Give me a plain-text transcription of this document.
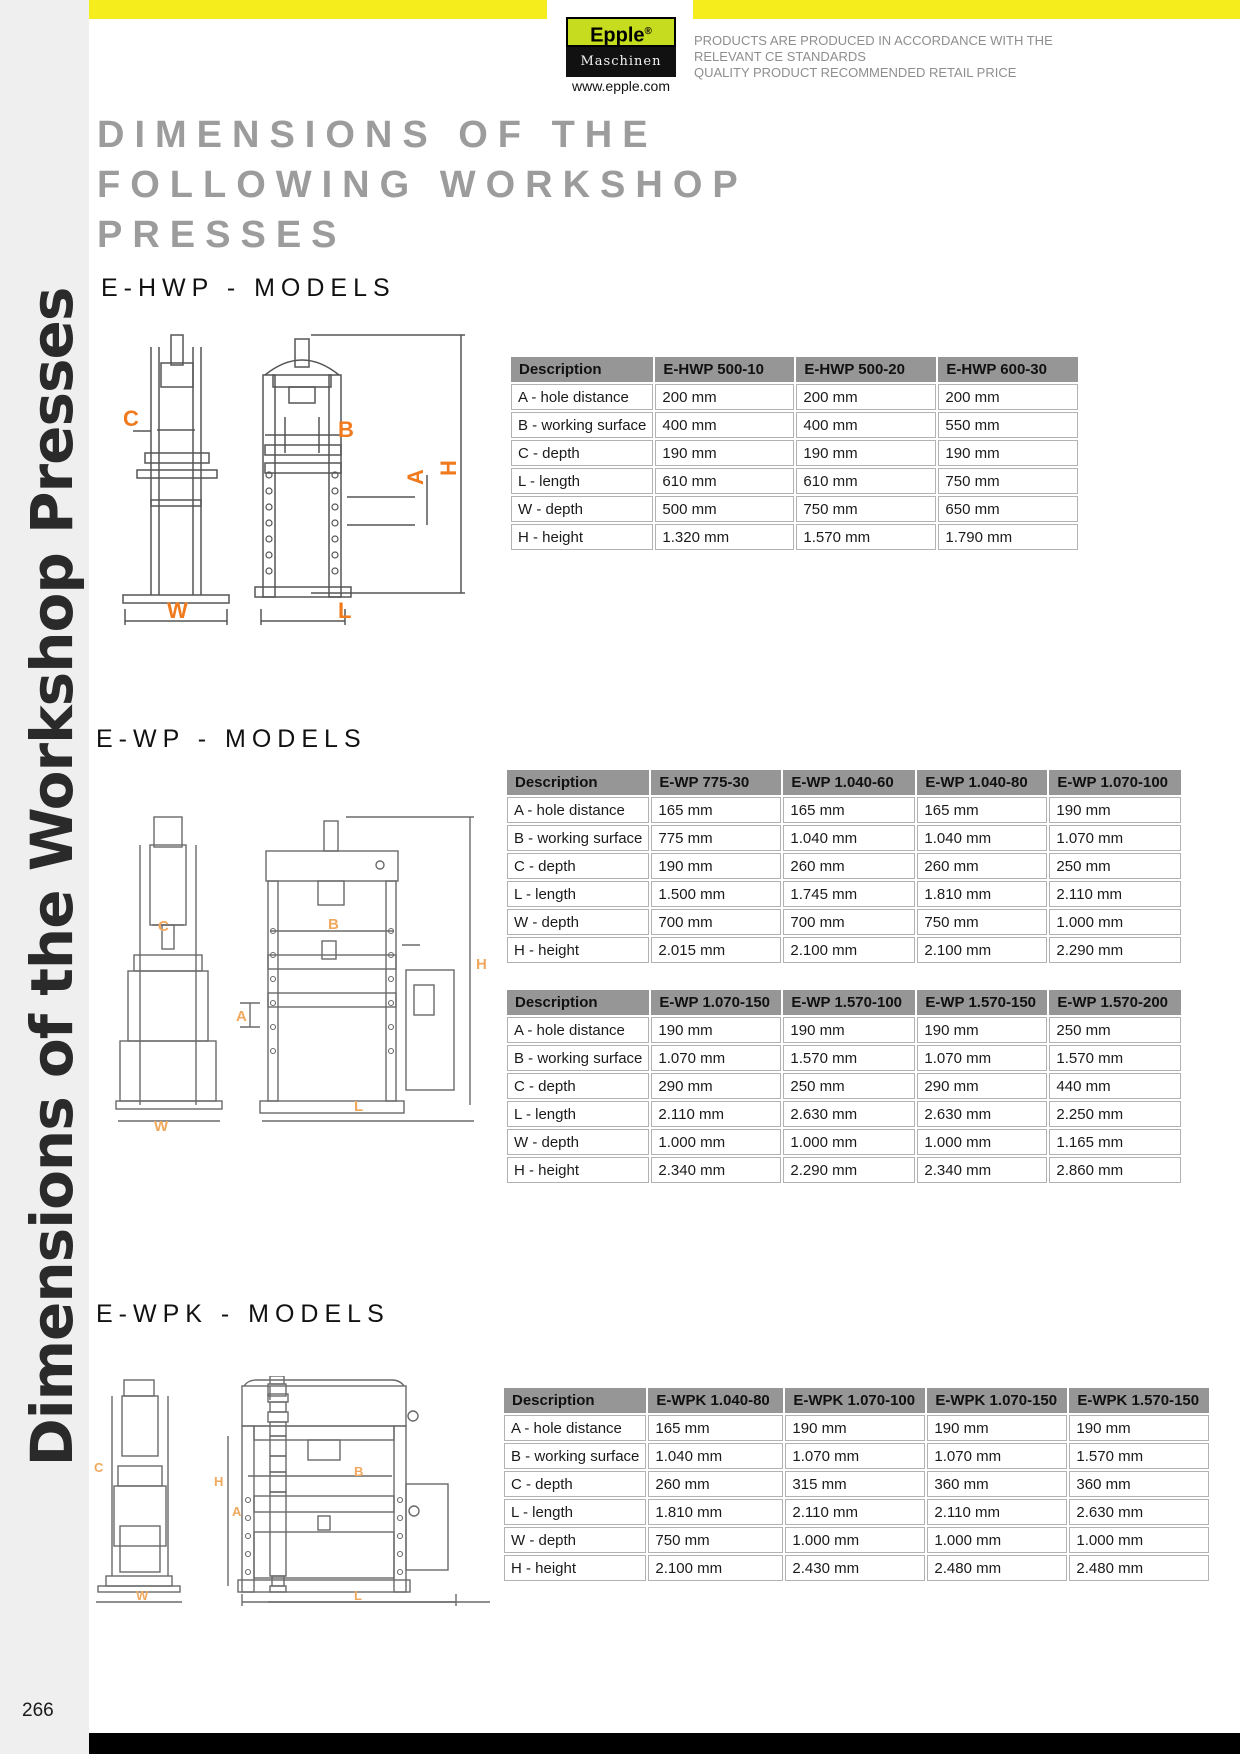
Dimensions of the Workshop Presses
266
Epple®
Maschinen
www.epple.com
PRODUCTS ARE PRODUCED IN ACCORDANCE WITH THE
RELEVANT CE STANDARDS
QUALITY PRODUCT RECOMMENDED RETAIL PRICE
DIMENSIONS OF THE FOLLOWING WORKSHOP PRESSES
E-HWP - MODELS
C	B
A
H
W	L
Description	E-HWP 500-10	E-HWP 500-20	E-HWP 600-30
A - hole distance	200 mm	200 mm	200 mm
B - working surface	400 mm	400 mm	550 mm
C - depth	190 mm	190 mm	190 mm
L - length	610 mm	610 mm	750 mm
W - depth	500 mm	750 mm	650 mm
H - height	1.320 mm	1.570 mm	1.790 mm
E-WP - MODELS
C	B
A
H
W
L
Description	E-WP 775-30	E-WP 1.040-60	E-WP 1.040-80	E-WP 1.070-100
A - hole distance	165 mm	165 mm	165 mm	190 mm
B - working surface	775 mm	1.040 mm	1.040 mm	1.070 mm
C - depth	190 mm	260 mm	260 mm	250 mm
L - length	1.500 mm	1.745 mm	1.810 mm	2.110 mm
W - depth	700 mm	700 mm	750 mm	1.000 mm
H - height	2.015 mm	2.100 mm	2.100 mm	2.290 mm
Description	E-WP 1.070-150	E-WP 1.570-100	E-WP 1.570-150	E-WP 1.570-200
A - hole distance	190 mm	190 mm	190 mm	250 mm
B - working surface	1.070 mm	1.570 mm	1.070 mm	1.570 mm
C - depth	290 mm	250 mm	290 mm	440 mm
L - length	2.110 mm	2.630 mm	2.630 mm	2.250 mm
W - depth	1.000 mm	1.000 mm	1.000 mm	1.165 mm
H - height	2.340 mm	2.290 mm	2.340 mm	2.860 mm
E-WPK - MODELS
C	B
A
H
W	L
Description	E-WPK 1.040-80	E-WPK 1.070-100	E-WPK 1.070-150	E-WPK 1.570-150
A - hole distance	165 mm	190 mm	190 mm	190 mm
B - working surface	1.040 mm	1.070 mm	1.070 mm	1.570 mm
C - depth	260 mm	315 mm	360 mm	360 mm
L - length	1.810 mm	2.110 mm	2.110 mm	2.630 mm
W - depth	750 mm	1.000 mm	1.000 mm	1.000 mm
H - height	2.100 mm	2.430 mm	2.480 mm	2.480 mm
